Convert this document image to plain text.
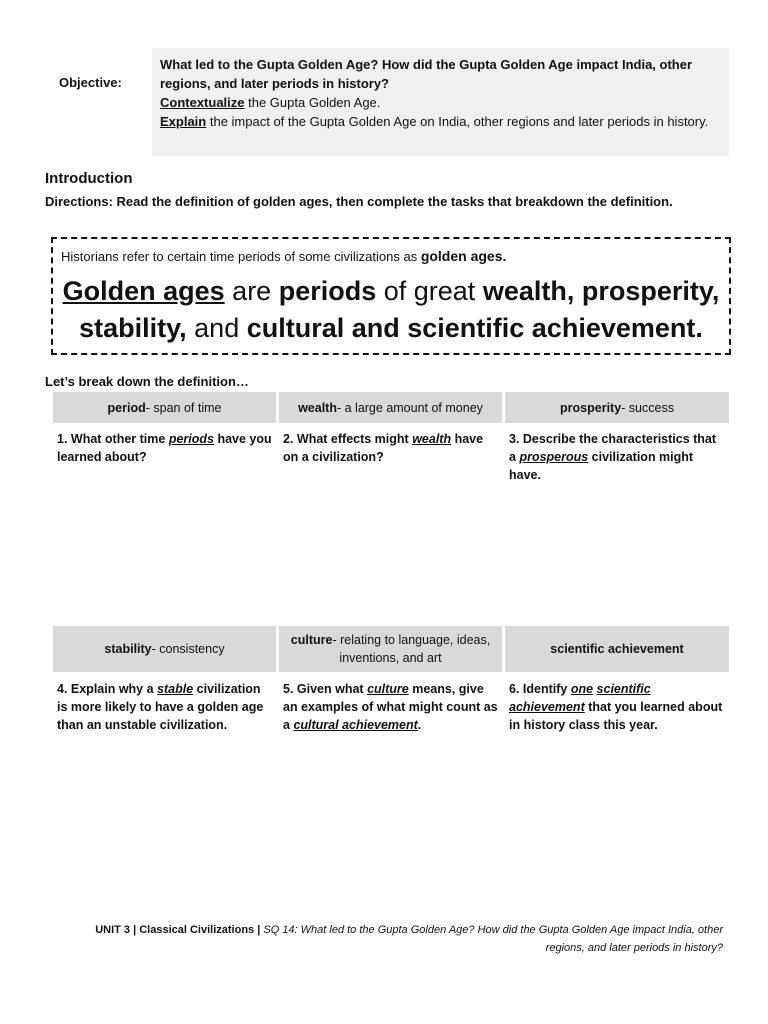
Objective:
What led to the Gupta Golden Age? How did the Gupta Golden Age impact India, other regions, and later periods in history?
Contextualize the Gupta Golden Age.
Explain the impact of the Gupta Golden Age on India, other regions and later periods in history.
Introduction
Directions: Read the definition of golden ages, then complete the tasks that breakdown the definition.
Historians refer to certain time periods of some civilizations as golden ages.
Golden ages are periods of great wealth, prosperity,
stability, and cultural and scientific achievement.
Let’s break down the definition…
period- span of time	wealth- a large amount of money	prosperity- success
1. What other time periods have you learned about?
2. What effects might wealth have on a civilization?
3. Describe the characteristics that a prosperous civilization might have.
stability- consistency
culture- relating to language, ideas, inventions, and art
scientific achievement
4. Explain why a stable civilization is more likely to have a golden age than an unstable civilization.
5. Given what culture means, give an examples of what might count as a cultural achievement.
6. Identify one scientific achievement that you learned about in history class this year.
UNIT 3 | Classical Civilizations | SQ 14: What led to the Gupta Golden Age? How did the Gupta Golden Age impact India, other regions, and later periods in history?
